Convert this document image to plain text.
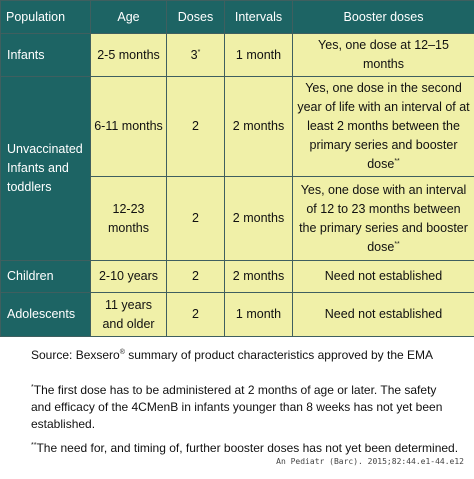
Population	Age	Doses	Intervals	Booster doses
Infants	2-5 months	3*	1 month	Yes, one dose at 12–15 months
Unvaccinated Infants and toddlers	6-11 months	2	2 months	Yes, one dose in the second year of life with an interval of at least 2 months between the primary series and booster dose**
	12-23 months	2	2 months	Yes, one dose with an interval of 12 to 23 months between the primary series and booster dose**
Children	2-10 years	2	2 months	Need not established
Adolescents	11 years and older	2	1 month	Need not established
Source: Bexsero® summary of product characteristics approved by the EMA
*The first dose has to be administered at 2 months of age or later. The safety and efficacy of the 4CMenB in infants younger than 8 weeks has not yet been established.
**The need for, and timing of, further booster doses has not yet been determined.
An Pediatr (Barc). 2015;82:44.e1-44.e12
